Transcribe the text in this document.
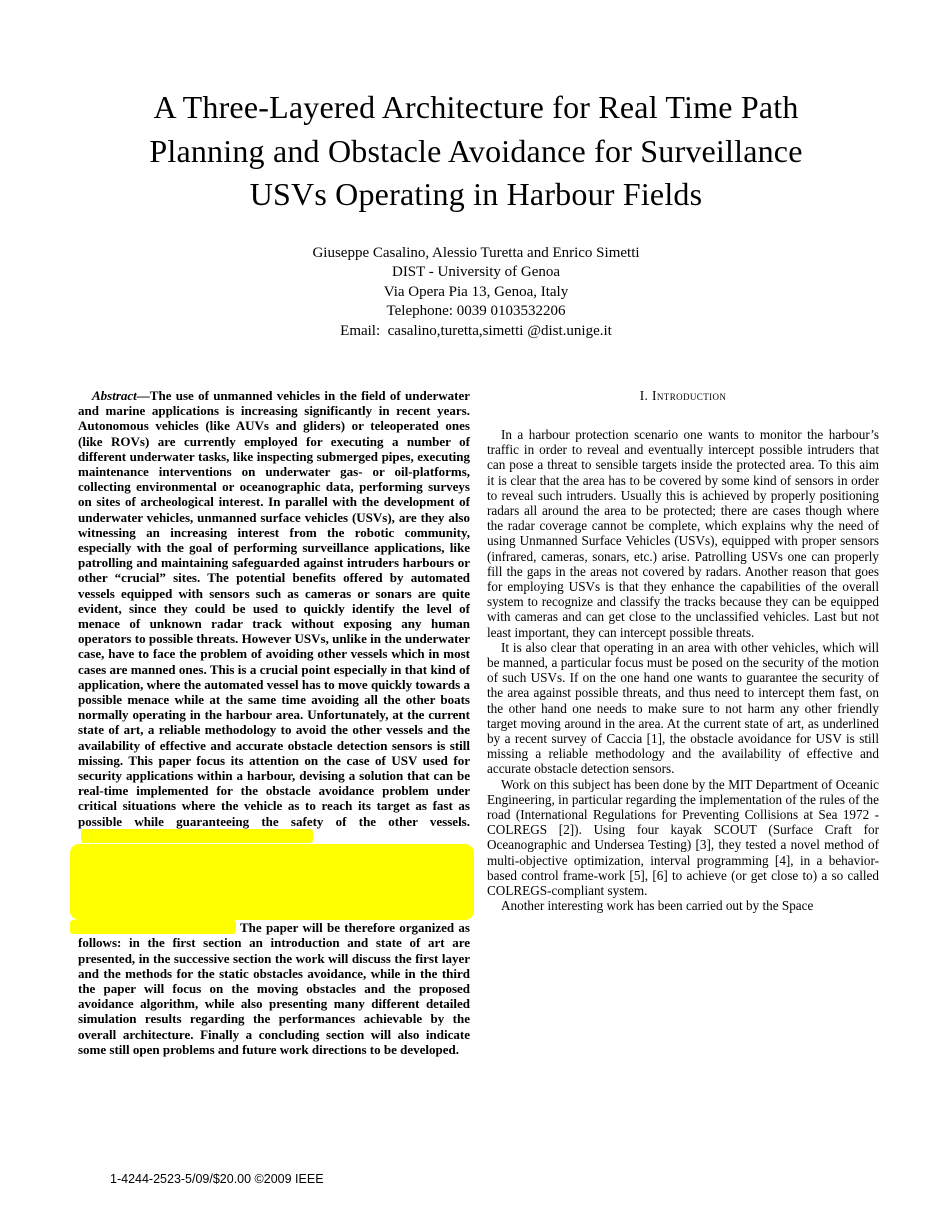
A Three-Layered Architecture for Real Time Path
Planning and Obstacle Avoidance for Surveillance
USVs Operating in Harbour Fields
Giuseppe Casalino, Alessio Turetta and Enrico Simetti
DIST - University of Genoa
Via Opera Pia 13, Genoa, Italy
Telephone: 0039 0103532206
Email:  casalino,turetta,simetti @dist.unige.it

Abstract—The use of unmanned vehicles in the field of underwater and marine applications is increasing significantly in recent years. Autonomous vehicles (like AUVs and gliders) or teleoperated ones (like ROVs) are currently employed for executing a number of different underwater tasks, like inspecting submerged pipes, executing maintenance interventions on underwater gas- or oil-platforms, collecting environmental or oceanographic data, performing surveys on sites of archeological interest. In parallel with the development of underwater vehicles, unmanned surface vehicles (USVs), are they also witnessing an increasing interest from the robotic community, especially with the goal of performing surveillance applications, like patrolling and maintaining safeguarded against intruders harbours or other “crucial” sites. The potential benefits offered by automated vessels equipped with sensors such as cameras or sonars are quite evident, since they could be used to quickly identify the level of menace of unknown radar track without exposing any human operators to possible threats. However USVs, unlike in the underwater case, have to face the problem of avoiding other vessels which in most cases are manned ones. This is a crucial point especially in that kind of application, where the automated vessel has to move quickly towards a possible menace while at the same time avoiding all the other boats normally operating in the harbour area. Unfortunately, at the current state of art, a reliable methodology to avoid the other vessels and the availability of effective and accurate obstacle detection sensors is still missing. This paper focus its attention on the case of USV used for security applications within a harbour, devising a solution that can be real-time implemented for the obstacle avoidance problem under critical situations where the vehicle as to reach its target as fast as possible while guaranteeing the safety of the other vessels.

The paper will be therefore organized as follows: in the first section an introduction and state of art are presented, in the successive section the work will discuss the first layer and the methods for the static obstacles avoidance, while in the third the paper will focus on the moving obstacles and the proposed avoidance algorithm, while also presenting many different detailed simulation results regarding the performances achievable by the overall architecture. Finally a concluding section will also indicate some still open problems and future work directions to be developed.

I. Introduction

In a harbour protection scenario one wants to monitor the harbour’s traffic in order to reveal and eventually intercept possible intruders that can pose a threat to sensible targets inside the protected area. To this aim it is clear that the area has to be covered by some kind of sensors in order to reveal such intruders. Usually this is achieved by properly positioning radars all around the area to be protected; there are cases though where the radar coverage cannot be complete, which explains why the need of using Unmanned Surface Vehicles (USVs), equipped with proper sensors (infrared, cameras, sonars, etc.) arise. Patrolling USVs one can properly fill the gaps in the areas not covered by radars. Another reason that goes for employing USVs is that they enhance the capabilities of the overall system to recognize and classify the tracks because they can be equipped with cameras and can get close to the unclassified vehicles. Last but not least important, they can intercept possible threats.

It is also clear that operating in an area with other vehicles, which will be manned, a particular focus must be posed on the security of the motion of such USVs. If on the one hand one wants to guarantee the security of the area against possible threats, and thus need to intercept them fast, on the other hand one needs to make sure to not harm any other friendly target moving around in the area. At the current state of art, as underlined by a recent survey of Caccia [1], the obstacle avoidance for USV is still missing a reliable methodology and the availability of effective and accurate obstacle detection sensors.

Work on this subject has been done by the MIT Department of Oceanic Engineering, in particular regarding the implementation of the rules of the road (International Regulations for Preventing Collisions at Sea 1972 - COLREGS [2]). Using four kayak SCOUT (Surface Craft for Oceanographic and Undersea Testing) [3], they tested a novel method of multi-objective optimization, interval programming [4], in a behavior-based control frame-work [5], [6] to achieve (or get close to) a so called COLREGS-compliant system.

Another interesting work has been carried out by the Space

1-4244-2523-5/09/$20.00 ©2009 IEEE
